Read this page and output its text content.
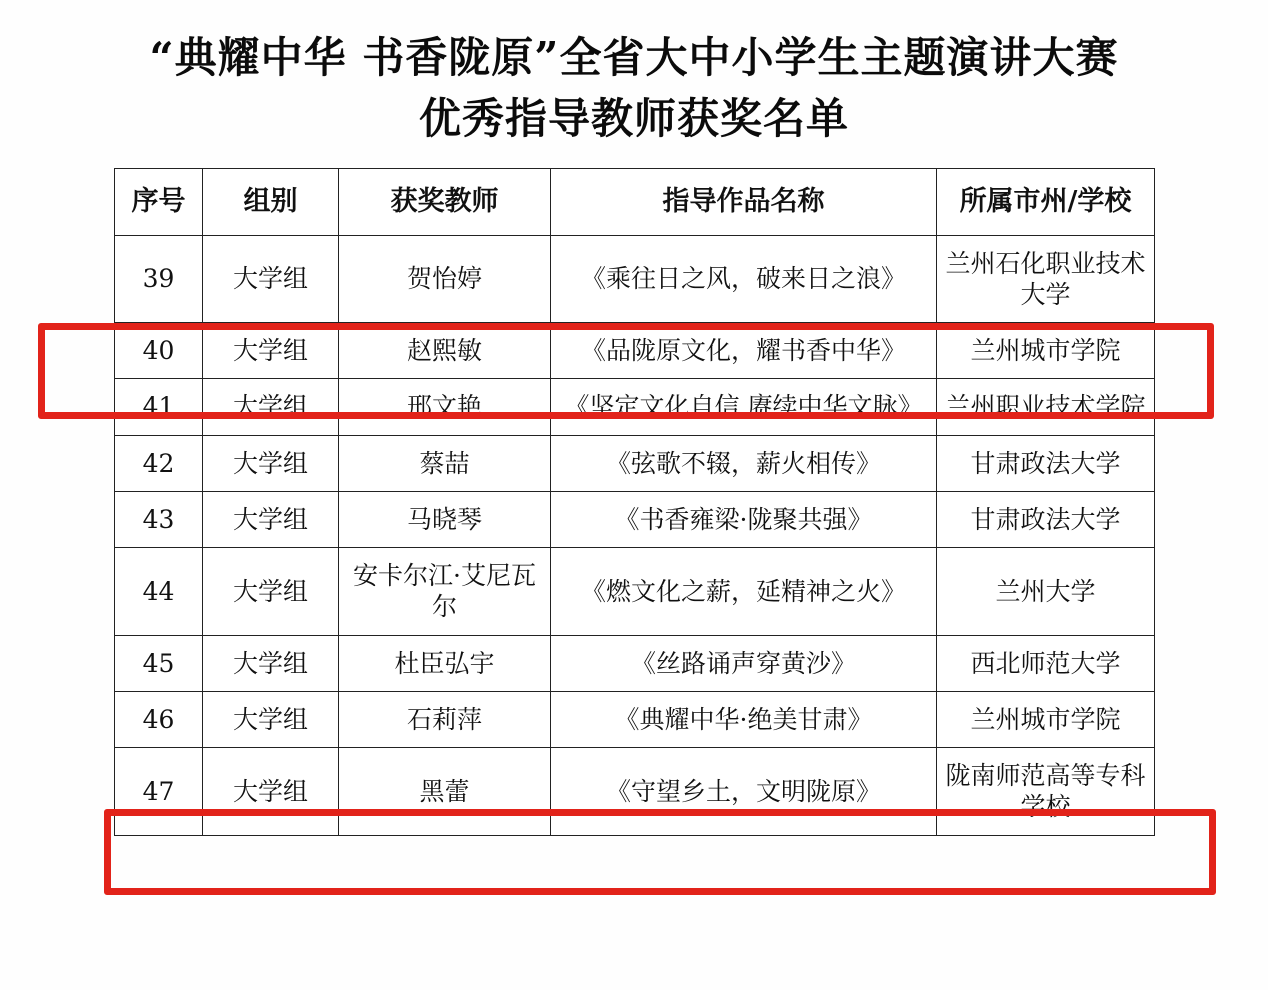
“典耀中华 书香陇原”全省大中小学生主题演讲大赛
优秀指导教师获奖名单
序号	组别	获奖教师	指导作品名称	所属市州/学校
39	大学组	贺怡婷	《乘往日之风，破来日之浪》	兰州石化职业技术大学
40	大学组	赵熙敏	《品陇原文化，耀书香中华》	兰州城市学院
41	大学组	邢文艳	《坚定文化自信 赓续中华文脉》	兰州职业技术学院
42	大学组	蔡喆	《弦歌不辍，薪火相传》	甘肃政法大学
43	大学组	马晓琴	《书香雍梁·陇聚共强》	甘肃政法大学
44	大学组	安卡尔江·艾尼瓦尔	《燃文化之薪，延精神之火》	兰州大学
45	大学组	杜臣弘宇	《丝路诵声穿黄沙》	西北师范大学
46	大学组	石莉萍	《典耀中华·绝美甘肃》	兰州城市学院
47	大学组	黑蕾	《守望乡土，文明陇原》	陇南师范高等专科学校
